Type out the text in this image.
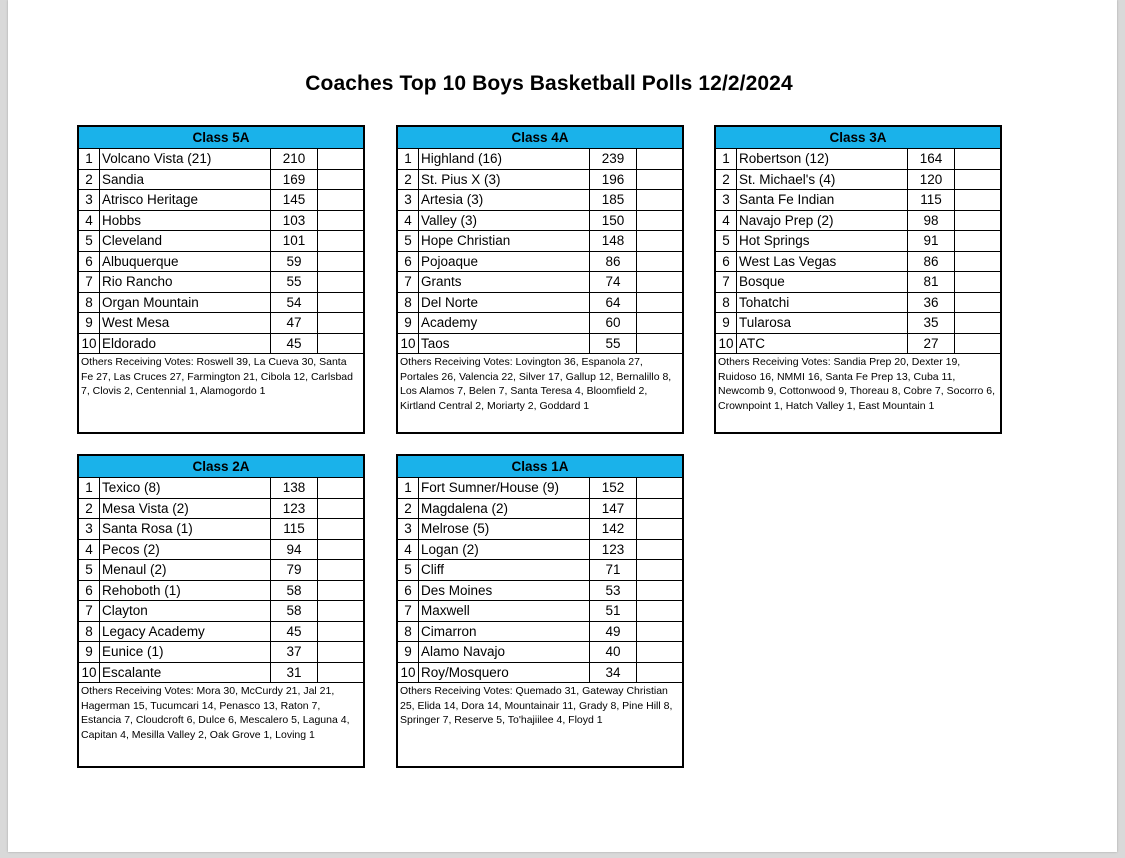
Coaches Top 10 Boys Basketball Polls 12/2/2024
Class 5A
1	Volcano Vista (21)	210	
2	Sandia	169	
3	Atrisco Heritage	145	
4	Hobbs	103	
5	Cleveland	101	
6	Albuquerque	59	
7	Rio Rancho	55	
8	Organ Mountain	54	
9	West Mesa	47	
10	Eldorado	45	
Others Receiving Votes: Roswell 39, La Cueva 30, Santa Fe 27, Las Cruces 27, Farmington 21, Cibola 12, Carlsbad 7, Clovis 2, Centennial 1, Alamogordo 1
Class 4A
1	Highland (16)	239	
2	St. Pius X (3)	196	
3	Artesia (3)	185	
4	Valley (3)	150	
5	Hope Christian	148	
6	Pojoaque	86	
7	Grants	74	
8	Del Norte	64	
9	Academy	60	
10	Taos	55	
Others Receiving Votes: Lovington 36, Espanola 27, Portales 26, Valencia 22, Silver 17, Gallup 12, Bernalillo 8, Los Alamos 7, Belen 7, Santa Teresa 4, Bloomfield 2, Kirtland Central 2, Moriarty 2, Goddard 1
Class 3A
1	Robertson (12)	164	
2	St. Michael's (4)	120	
3	Santa Fe Indian	115	
4	Navajo Prep (2)	98	
5	Hot Springs	91	
6	West Las Vegas	86	
7	Bosque	81	
8	Tohatchi	36	
9	Tularosa	35	
10	ATC	27	
Others Receiving Votes: Sandia Prep 20, Dexter 19, Ruidoso 16, NMMI 16, Santa Fe Prep 13, Cuba 11, Newcomb 9, Cottonwood 9, Thoreau 8, Cobre 7, Socorro 6, Crownpoint 1, Hatch Valley 1, East Mountain 1
Class 2A
1	Texico (8)	138	
2	Mesa Vista (2)	123	
3	Santa Rosa (1)	115	
4	Pecos (2)	94	
5	Menaul (2)	79	
6	Rehoboth (1)	58	
7	Clayton	58	
8	Legacy Academy	45	
9	Eunice (1)	37	
10	Escalante	31	
Others Receiving Votes: Mora 30, McCurdy 21, Jal 21, Hagerman 15, Tucumcari 14, Penasco 13, Raton 7, Estancia 7, Cloudcroft 6, Dulce 6, Mescalero 5, Laguna 4, Capitan 4, Mesilla Valley 2, Oak Grove 1, Loving 1
Class 1A
1	Fort Sumner/House (9)	152	
2	Magdalena (2)	147	
3	Melrose (5)	142	
4	Logan (2)	123	
5	Cliff	71	
6	Des Moines	53	
7	Maxwell	51	
8	Cimarron	49	
9	Alamo Navajo	40	
10	Roy/Mosquero	34	
Others Receiving Votes: Quemado 31, Gateway Christian 25, Elida 14, Dora 14, Mountainair 11, Grady 8, Pine Hill 8, Springer 7, Reserve 5, To'hajiilee 4, Floyd 1
